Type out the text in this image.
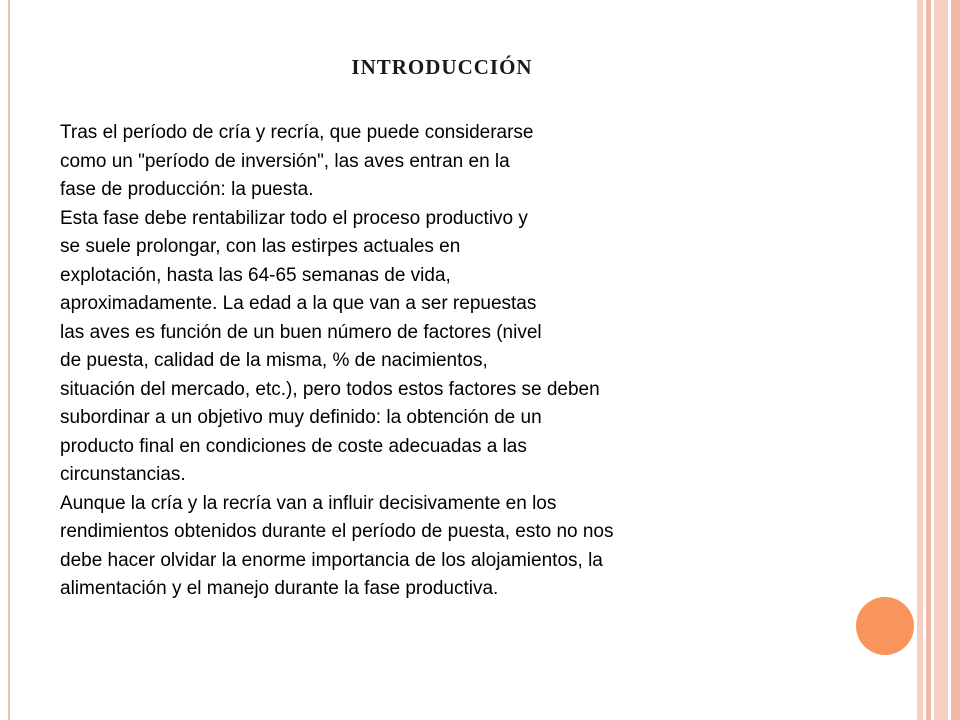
INTRODUCCIÓN
Tras el período de cría y recría, que puede considerarse
como un "período de inversión", las aves entran en la
fase de producción: la puesta.
Esta fase debe rentabilizar todo el proceso productivo y
se suele prolongar, con las estirpes actuales en
explotación, hasta las 64-65 semanas de vida,
aproximadamente. La edad a la que van a ser repuestas
las aves es función de un buen número de factores (nivel
de puesta, calidad de la misma, % de nacimientos,
situación del mercado, etc.), pero todos estos factores se deben
subordinar a un objetivo muy definido: la obtención de un
producto final en condiciones de coste adecuadas a las
circunstancias.
Aunque la cría y la recría van a influir decisivamente en los
rendimientos obtenidos durante el período de puesta, esto no nos
debe hacer olvidar la enorme importancia de los alojamientos, la
alimentación y el manejo durante la fase productiva.
